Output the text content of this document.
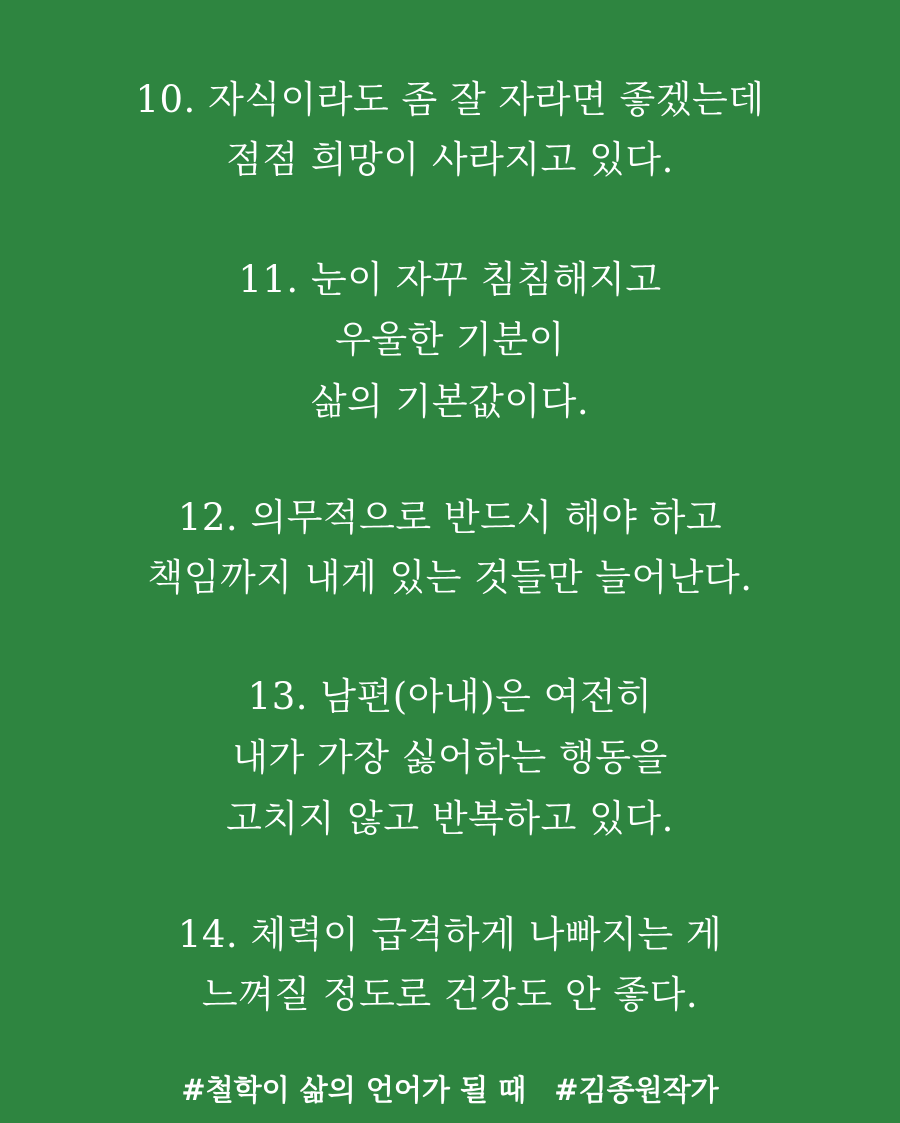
10. 자식이라도 좀 잘 자라면 좋겠는데
점점 희망이 사라지고 있다.
11. 눈이 자꾸 침침해지고
우울한 기분이
삶의 기본값이다.
12. 의무적으로 반드시 해야 하고
책임까지 내게 있는 것들만 늘어난다.
13. 남편(아내)은 여전히
내가 가장 싫어하는 행동을
고치지 않고 반복하고 있다.
14. 체력이 급격하게 나빠지는 게
느껴질 정도로 건강도 안 좋다.
#철학이 삶의 언어가 될 때 #김종원작가
